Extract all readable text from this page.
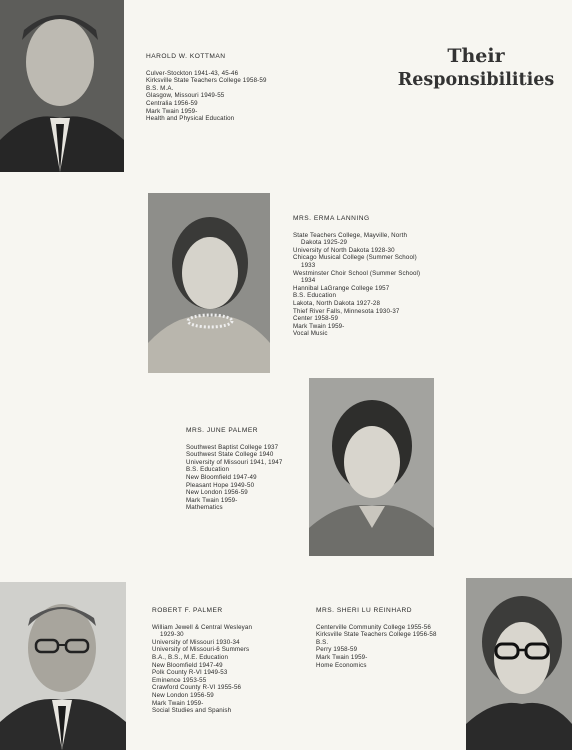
Their
Responsibilities
HAROLD W. KOTTMAN
Culver-Stockton 1941-43, 45-46
Kirksville State Teachers College 1958-59
B.S. M.A.
Glasgow, Missouri 1949-55
Centralia 1956-59
Mark Twain 1959-
Health and Physical Education
MRS. ERMA LANNING
State Teachers College, Mayville, North
Dakota 1925-29
University of North Dakota 1928-30
Chicago Musical College (Summer School)
1933
Westminster Choir School (Summer School)
1934
Hannibal LaGrange College 1957
B.S. Education
Lakota, North Dakota 1927-28
Thief River Falls, Minnesota 1930-37
Center 1958-59
Mark Twain 1959-
Vocal Music
MRS. JUNE PALMER
Southwest Baptist College 1937
Southwest State College 1940
University of Missouri 1941, 1947
B.S. Education
New Bloomfield 1947-49
Pleasant Hope 1949-50
New London 1956-59
Mark Twain 1959-
Mathematics
ROBERT F. PALMER
William Jewell & Central Wesleyan
1929-30
University of Missouri 1930-34
University of Missouri-6 Summers
B.A., B.S., M.E. Education
New Bloomfield 1947-49
Polk County R-VI 1949-53
Eminence 1953-55
Crawford County R-VI 1955-56
New London 1956-59
Mark Twain 1959-
Social Studies and Spanish
MRS. SHERI LU REINHARD
Centerville Community College 1955-56
Kirksville State Teachers College 1956-58
B.S.
Perry 1958-59
Mark Twain 1959-
Home Economics
